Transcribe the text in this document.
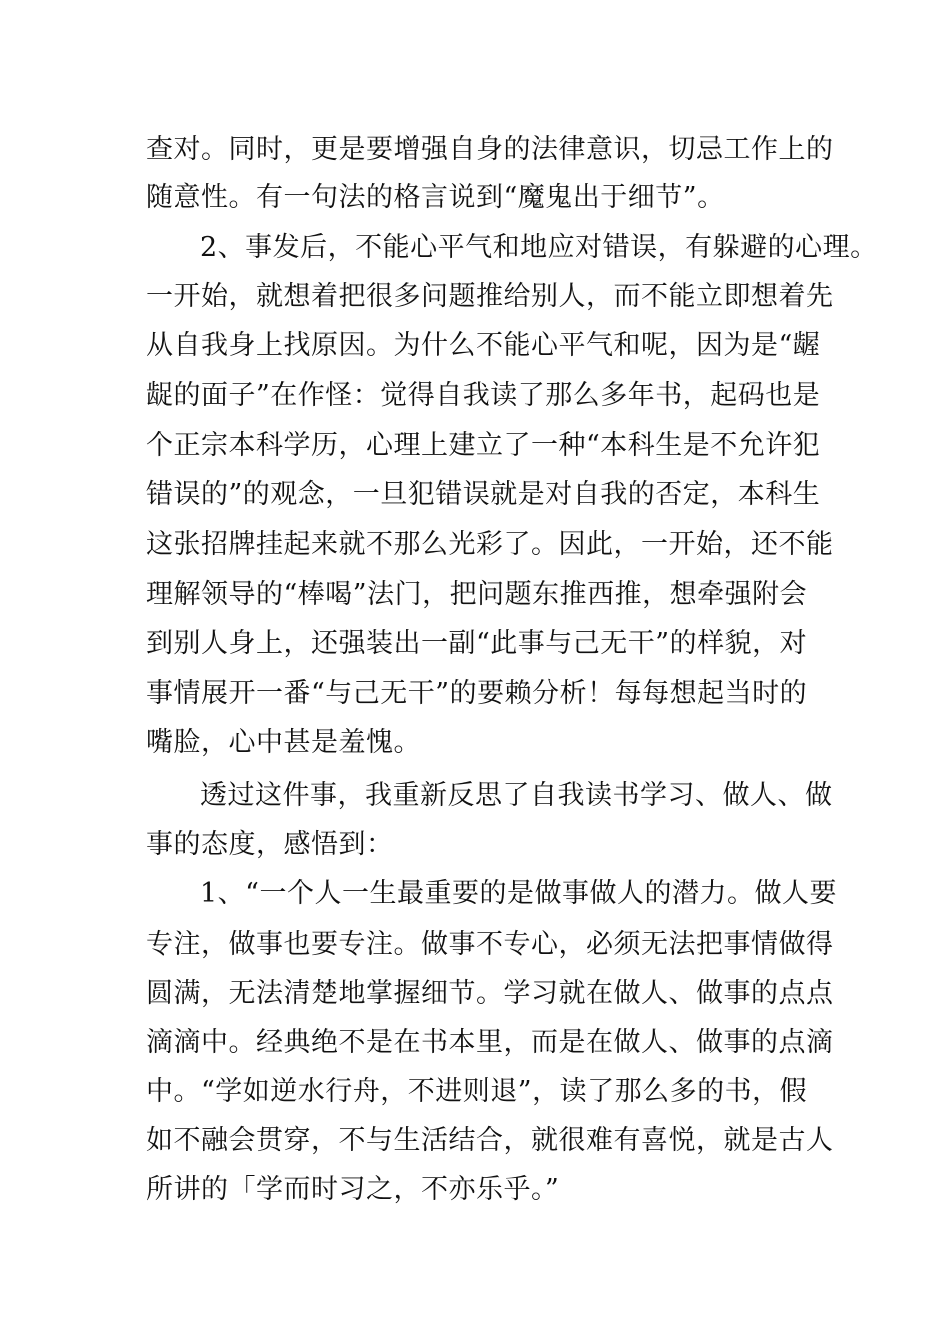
查对。同时，更是要增强自身的法律意识，切忌工作上的
随意性。有一句法的格言说到“魔鬼出于细节”。
2、事发后，不能心平气和地应对错误，有躲避的心理。
一开始，就想着把很多问题推给别人，而不能立即想着先
从自我身上找原因。为什么不能心平气和呢，因为是“龌
龊的面子”在作怪：觉得自我读了那么多年书，起码也是
个正宗本科学历，心理上建立了一种“本科生是不允许犯
错误的”的观念，一旦犯错误就是对自我的否定，本科生
这张招牌挂起来就不那么光彩了。因此，一开始，还不能
理解领导的“棒喝”法门，把问题东推西推，想牵强附会
到别人身上，还强装出一副“此事与己无干”的样貌，对
事情展开一番“与己无干”的要赖分析！每每想起当时的
嘴脸，心中甚是羞愧。
透过这件事，我重新反思了自我读书学习、做人、做
事的态度，感悟到：
1、“一个人一生最重要的是做事做人的潜力。做人要
专注，做事也要专注。做事不专心，必须无法把事情做得
圆满，无法清楚地掌握细节。学习就在做人、做事的点点
滴滴中。经典绝不是在书本里，而是在做人、做事的点滴
中。“学如逆水行舟，不进则退”，读了那么多的书，假
如不融会贯穿，不与生活结合，就很难有喜悦，就是古人
所讲的「学而时习之，不亦乐乎。”
